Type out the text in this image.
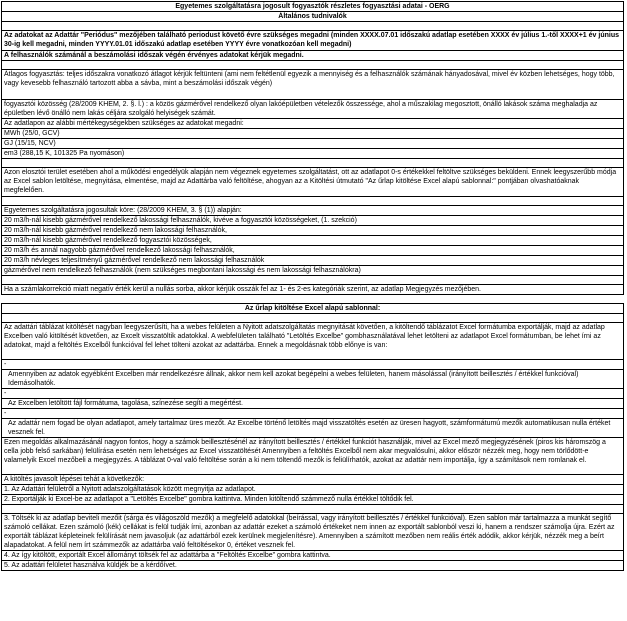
Egyetemes szolgáltatásra jogosult fogyasztók részletes fogyasztási adatai - OERG
Általános tudnivalók
Az adatokat az Adattár "Periódus" mezőjében található periodust követő évre szükséges megadni (minden XXXX.07.01 időszakú adatlap esetében XXXX év július 1.-től XXXX+1 év június 30-ig kell megadni, minden YYYY.01.01 időszakú adatlap esetében YYYY évre vonatkozóan kell megadni)
A felhasználók számánál a beszámolási időszak végén érvényes adatokat kérjük megadni.
Átlagos fogyasztás: teljes időszakra vonatkozó átlagot kérjük feltünteni (ami nem feltétlenül egyezik a mennyiség és a felhasználók számának hányadosával, mivel év közben lehetséges, hogy több, vagy kevesebb felhasználó tartozott abba a sávba, mint a beszámolási időszak végén)
fogyasztói közösség (28/2009 KHEM, 2. §. l.) : a közös gázmérővel rendelkező olyan lakóépületben vételezők összessége, ahol a műszakilag megosztott, önálló lakások száma meghaladja az épületben lévő önálló nem lakás céljára szolgáló helyiségek számát.
Az adatlapon az alábbi mértékegységekben szükséges az adatokat megadni:
MWh (25/0, GCV)
GJ (15/15, NCV)
em3 (288,15 K, 101325 Pa nyomáson)
Azon elosztói terület esetében ahol a működési engedélyük alapján nem végeznek egyetemes szolgáltatást, ott az adatlapot 0-s értékekkel feltöltve szükséges beküldeni. Ennek leegyszerűbb módja az Excel sablon letöltése, megnyitása, elmentése, majd az Adattárba való feltöltése, ahogyan az a Kitöltési útmutató "Az űrlap kitöltése Excel alapú sablonnal:" pontjában olvashatóaknak megfelelően.
Egyetemes szolgáltatásra jogosultak köre: (28/2009 KHEM, 3. § (1)) alapján:
20 m3/h-nál kisebb gázmérővel rendelkező lakossági felhasználók, kivéve a fogyasztói közösségeket, (1. szekció)
20 m3/h-nál kisebb gázmérővel rendelkező nem lakossági felhasználók,
20 m3/h-nál kisebb gázmérővel rendelkező fogyasztói közösségek,
20 m3/h és annál nagyobb gázmérővel rendelkező lakossági felhasználók,
20 m3/h névleges teljesítményű gázmérővel rendelkező nem lakossági felhasználók
gázmérővel nem rendelkező felhasználók (nem szükséges megbontani lakossági és nem lakossági felhasználókra)
Ha a számlakorrekció miatt negatív érték kerül a nullás sorba, akkor kérjük osszák fel az 1- és 2-es kategóriák szerint, az adatlap Megjegyzés mezőjében.
Az űrlap kitöltése Excel alapú sablonnal:
Az adattári táblázat kitöltését nagyban leegyszerűsíti, ha a webes felületen a Nyitott adatszolgáltatás megnyitását követően, a kitöltendő táblázatot Excel formátumba exportálják, majd az adatlap Excelben való kitöltését követően, az Excelt visszatöltik adatokkal. A webfelületen található "Letöltés Excelbe" gombhasználatával lehet letölteni az adatlapot Excel formátumban, be lehet írni az adatokat, majd a feltöltés Excelből funkcióval fel lehet tölteni azokat az adattárba. Ennek a megoldásnak több előnye is van:
-
Amennyiben az adatok egyébként Excelben már rendelkezésre állnak, akkor nem kell azokat begépelni a webes felületen, hanem másolással (irányított beillesztés / értékkel funkcióval) Idemásolhatók.
-
Az Excelben letöltött fájl formátuma, tagolása, színezése segíti a megértést.
-
Az adattár nem fogad be olyan adatlapot, amely tartalmaz üres mezőt. Az Excelbe történő letöltés majd visszatöltés esetén az üresen hagyott, számformátumú mezők automatikusan nulla értéket vesznek fel.
Ezen megoldás alkalmazásánál nagyon fontos, hogy a számok beillesztésénél az irányított beillesztés / értékkel funkciót használják, mivel az Excel mező megjegyzésének (piros kis háromszög a cella jobb felső sarkában) felülírása esetén nem lehetséges az Excel visszatöltését Amennyiben a feltöltés Excelből nem akar megvalósulni, akkor először nézzék meg, hogy nem törlődött-e valamelyik Excel mezőbeli a megjegyzés. A táblázat 0-val való feltöltése során a ki nem töltendő mezők is feliülírhatók, azokat az adattár nem importálja, így a számítások nem romlanak el.
A kitöltés javasolt lépései tehát a következők:
1. Az Adattári felületről a Nyitott adatszolgáltatások között megnyitja az adatlapot.
2. Exportálják ki Excel-be az adatlapot a "Letöltés Excelbe" gombra kattintva. Minden kitöltendő számmező nulla értékkel töltődik fel.
3. Töltsék ki az adatlap beviteli mezőit (sárga és világoszöld mezők) a megfelelő adatokkal (beírással, vagy irányított beillesztés / értékkel funkcióval). Ezen sablon már tartalmazza a munkát segítő számoló cellákat. Ezen számoló (kék) cellákat is felül tudják írni, azonban az adattár ezeket a számoló értékeket nem innen az exportált sablonból veszi ki, hanem a rendszer számolja újra. Ezért az exportált táblázat képleteinek felülírását nem javasoljuk (az adattárból ezek kerülnek megjelenítésre). Amennyiben a számított mezőben nem reális érték adódik, akkor kérjük, nézzék meg a beírt alapadatokat. A felül nem írt számmezők az adattárba való feltöltésekor 0, értéket vesznek fel.
4. Az így kitöltött, exportált Excel állományt töltsék fel az adattárba a "Feltöltés Excelbe" gombra kattintva.
5. Az adattári felületet használva küldjék be a kérdőívet.
